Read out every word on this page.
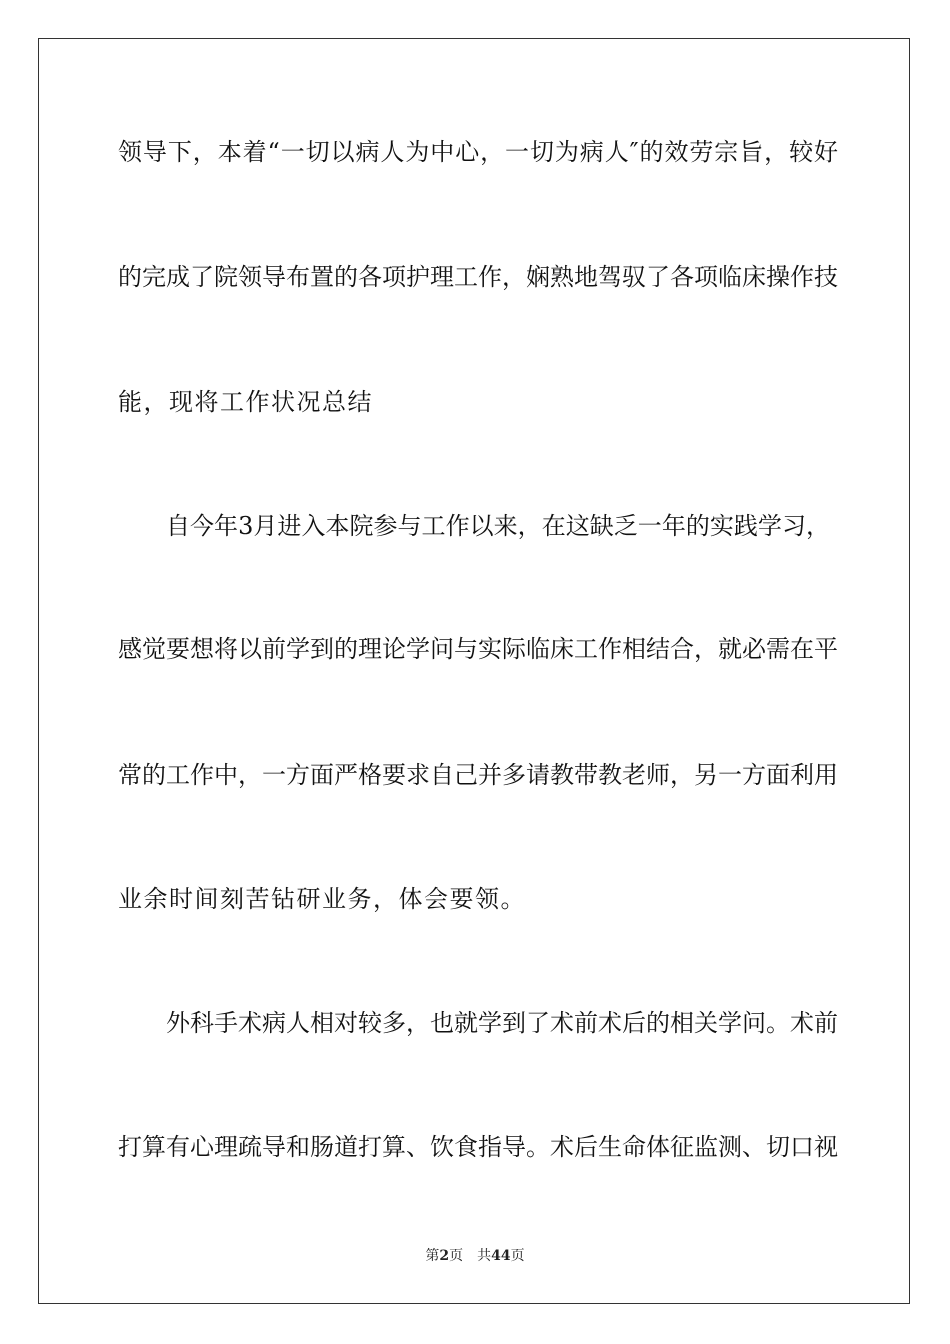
领导下，本着“一切以病人为中心，一切为病人″的效劳宗旨，较好
的完成了院领导布置的各项护理工作，娴熟地驾驭了各项临床操作技
能，现将工作状况总结
自今年3月进入本院参与工作以来，在这缺乏一年的实践学习，
感觉要想将以前学到的理论学问与实际临床工作相结合，就必需在平
常的工作中，一方面严格要求自己并多请教带教老师，另一方面利用
业余时间刻苦钻研业务，体会要领。
外科手术病人相对较多，也就学到了术前术后的相关学问。术前
打算有心理疏导和肠道打算、饮食指导。术后生命体征监测、切口视
第2页 共44页
